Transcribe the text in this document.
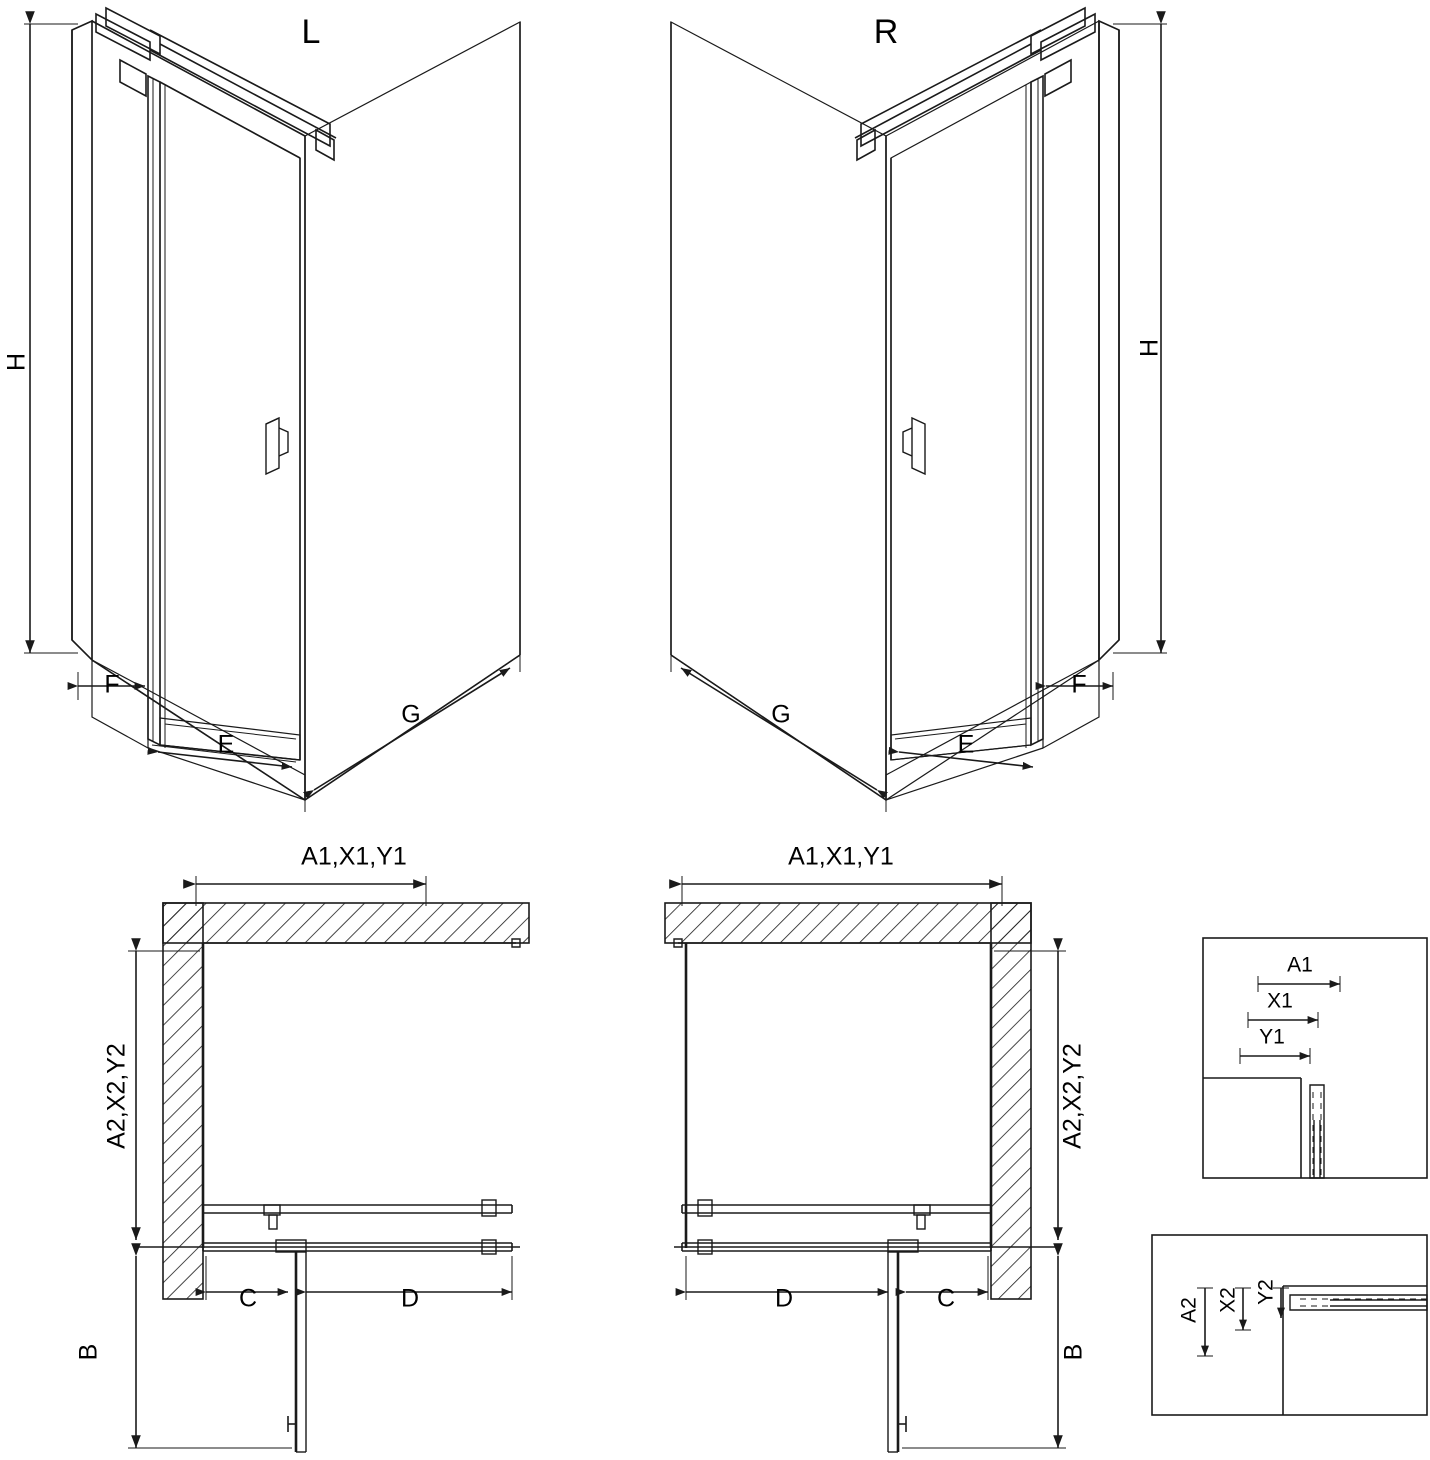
L	R
H
H
F
E
G	G
E
F
A1,X1,Y1	A1,X1,Y1
A2,X2,Y2	A2,X2,Y2
C	D	D	C
B	B
A1
X1
Y1
A2 X2 Y2
